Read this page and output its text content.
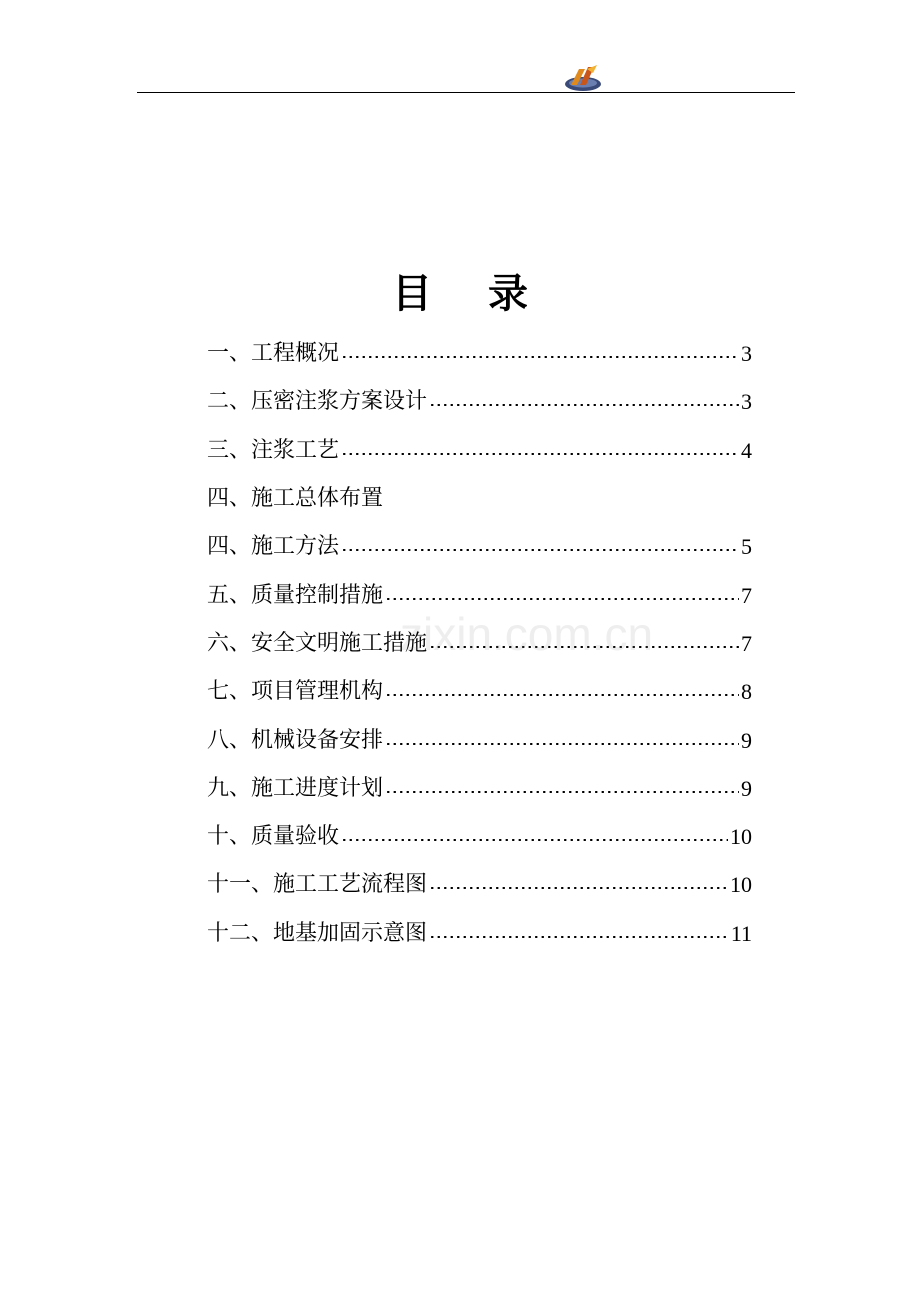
目录
一、工程概况	3
二、压密注浆方案设计	3
三、注浆工艺	4
四、施工总体布置
四、施工方法	5
五、质量控制措施	7
六、安全文明施工措施	7
七、项目管理机构	8
八、机械设备安排	9
九、施工进度计划	9
十、质量验收	10
十一、施工工艺流程图	10
十二、地基加固示意图	11
zixin.com.cn
